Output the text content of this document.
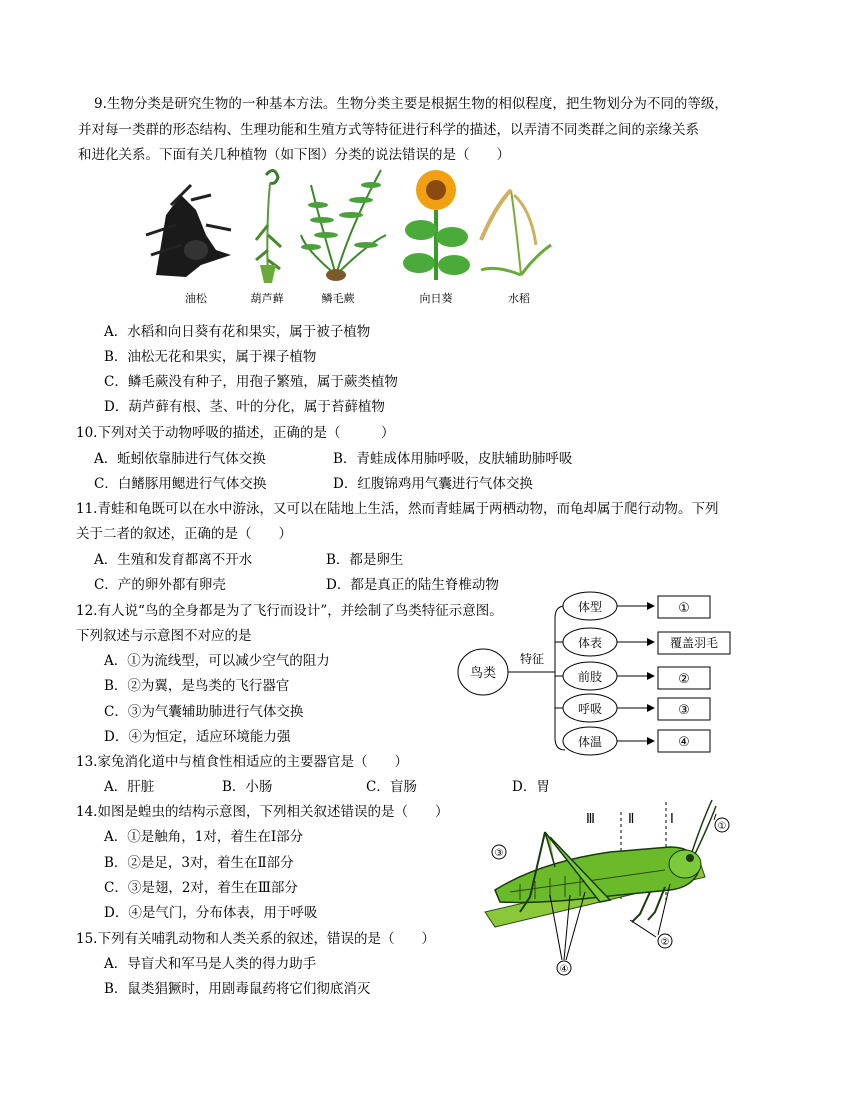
9.生物分类是研究生物的一种基本方法。生物分类主要是根据生物的相似程度，把生物划分为不同的等级，
并对每一类群的形态结构、生理功能和生殖方式等特征进行科学的描述，以弄清不同类群之间的亲缘关系
和进化关系。下面有关几种植物（如下图）分类的说法错误的是（　　）
油松	葫芦藓	鳞毛蕨	向日葵	水稻
A．水稻和向日葵有花和果实，属于被子植物
B．油松无花和果实，属于裸子植物
C．鳞毛蕨没有种子，用孢子繁殖，属于蕨类植物
D．葫芦藓有根、茎、叶的分化，属于苔藓植物
10.下列对关于动物呼吸的描述，正确的是（　　　）
A．蚯蚓依靠肺进行气体交换	B．青蛙成体用肺呼吸，皮肤辅助肺呼吸
C．白鳍豚用鳃进行气体交换	D．红腹锦鸡用气囊进行气体交换
11.青蛙和龟既可以在水中游泳，又可以在陆地上生活，然而青蛙属于两栖动物，而龟却属于爬行动物。下列
关于二者的叙述，正确的是（　　）
A．生殖和发育都离不开水	B．都是卵生
C．产的卵外都有卵壳	D．都是真正的陆生脊椎动物
12.有人说“鸟的全身都是为了飞行而设计”，并绘制了鸟类特征示意图。
下列叙述与示意图不对应的是
A．①为流线型，可以减少空气的阻力
B．②为翼，是鸟类的飞行器官
C．③为气囊辅助肺进行气体交换
D．④为恒定，适应环境能力强
鸟类
特征
体型	①
体表	覆盖羽毛
前肢	②
呼吸	③
体温	④
13.家兔消化道中与植食性相适应的主要器官是（　　）
A．肝脏	B．小肠	C．盲肠	D．胃
14.如图是蝗虫的结构示意图，下列相关叙述错误的是（　　）
A．①是触角，1对，着生在Ⅰ部分
B．②是足，3对，着生在Ⅱ部分
C．③是翅，2对，着生在Ⅲ部分
D．④是气门，分布体表，用于呼吸
Ⅲ	Ⅱ	Ⅰ	①
②
③
④
15.下列有关哺乳动物和人类关系的叙述，错误的是（　　）
A．导盲犬和军马是人类的得力助手
B．鼠类猖獗时，用剧毒鼠药将它们彻底消灭
